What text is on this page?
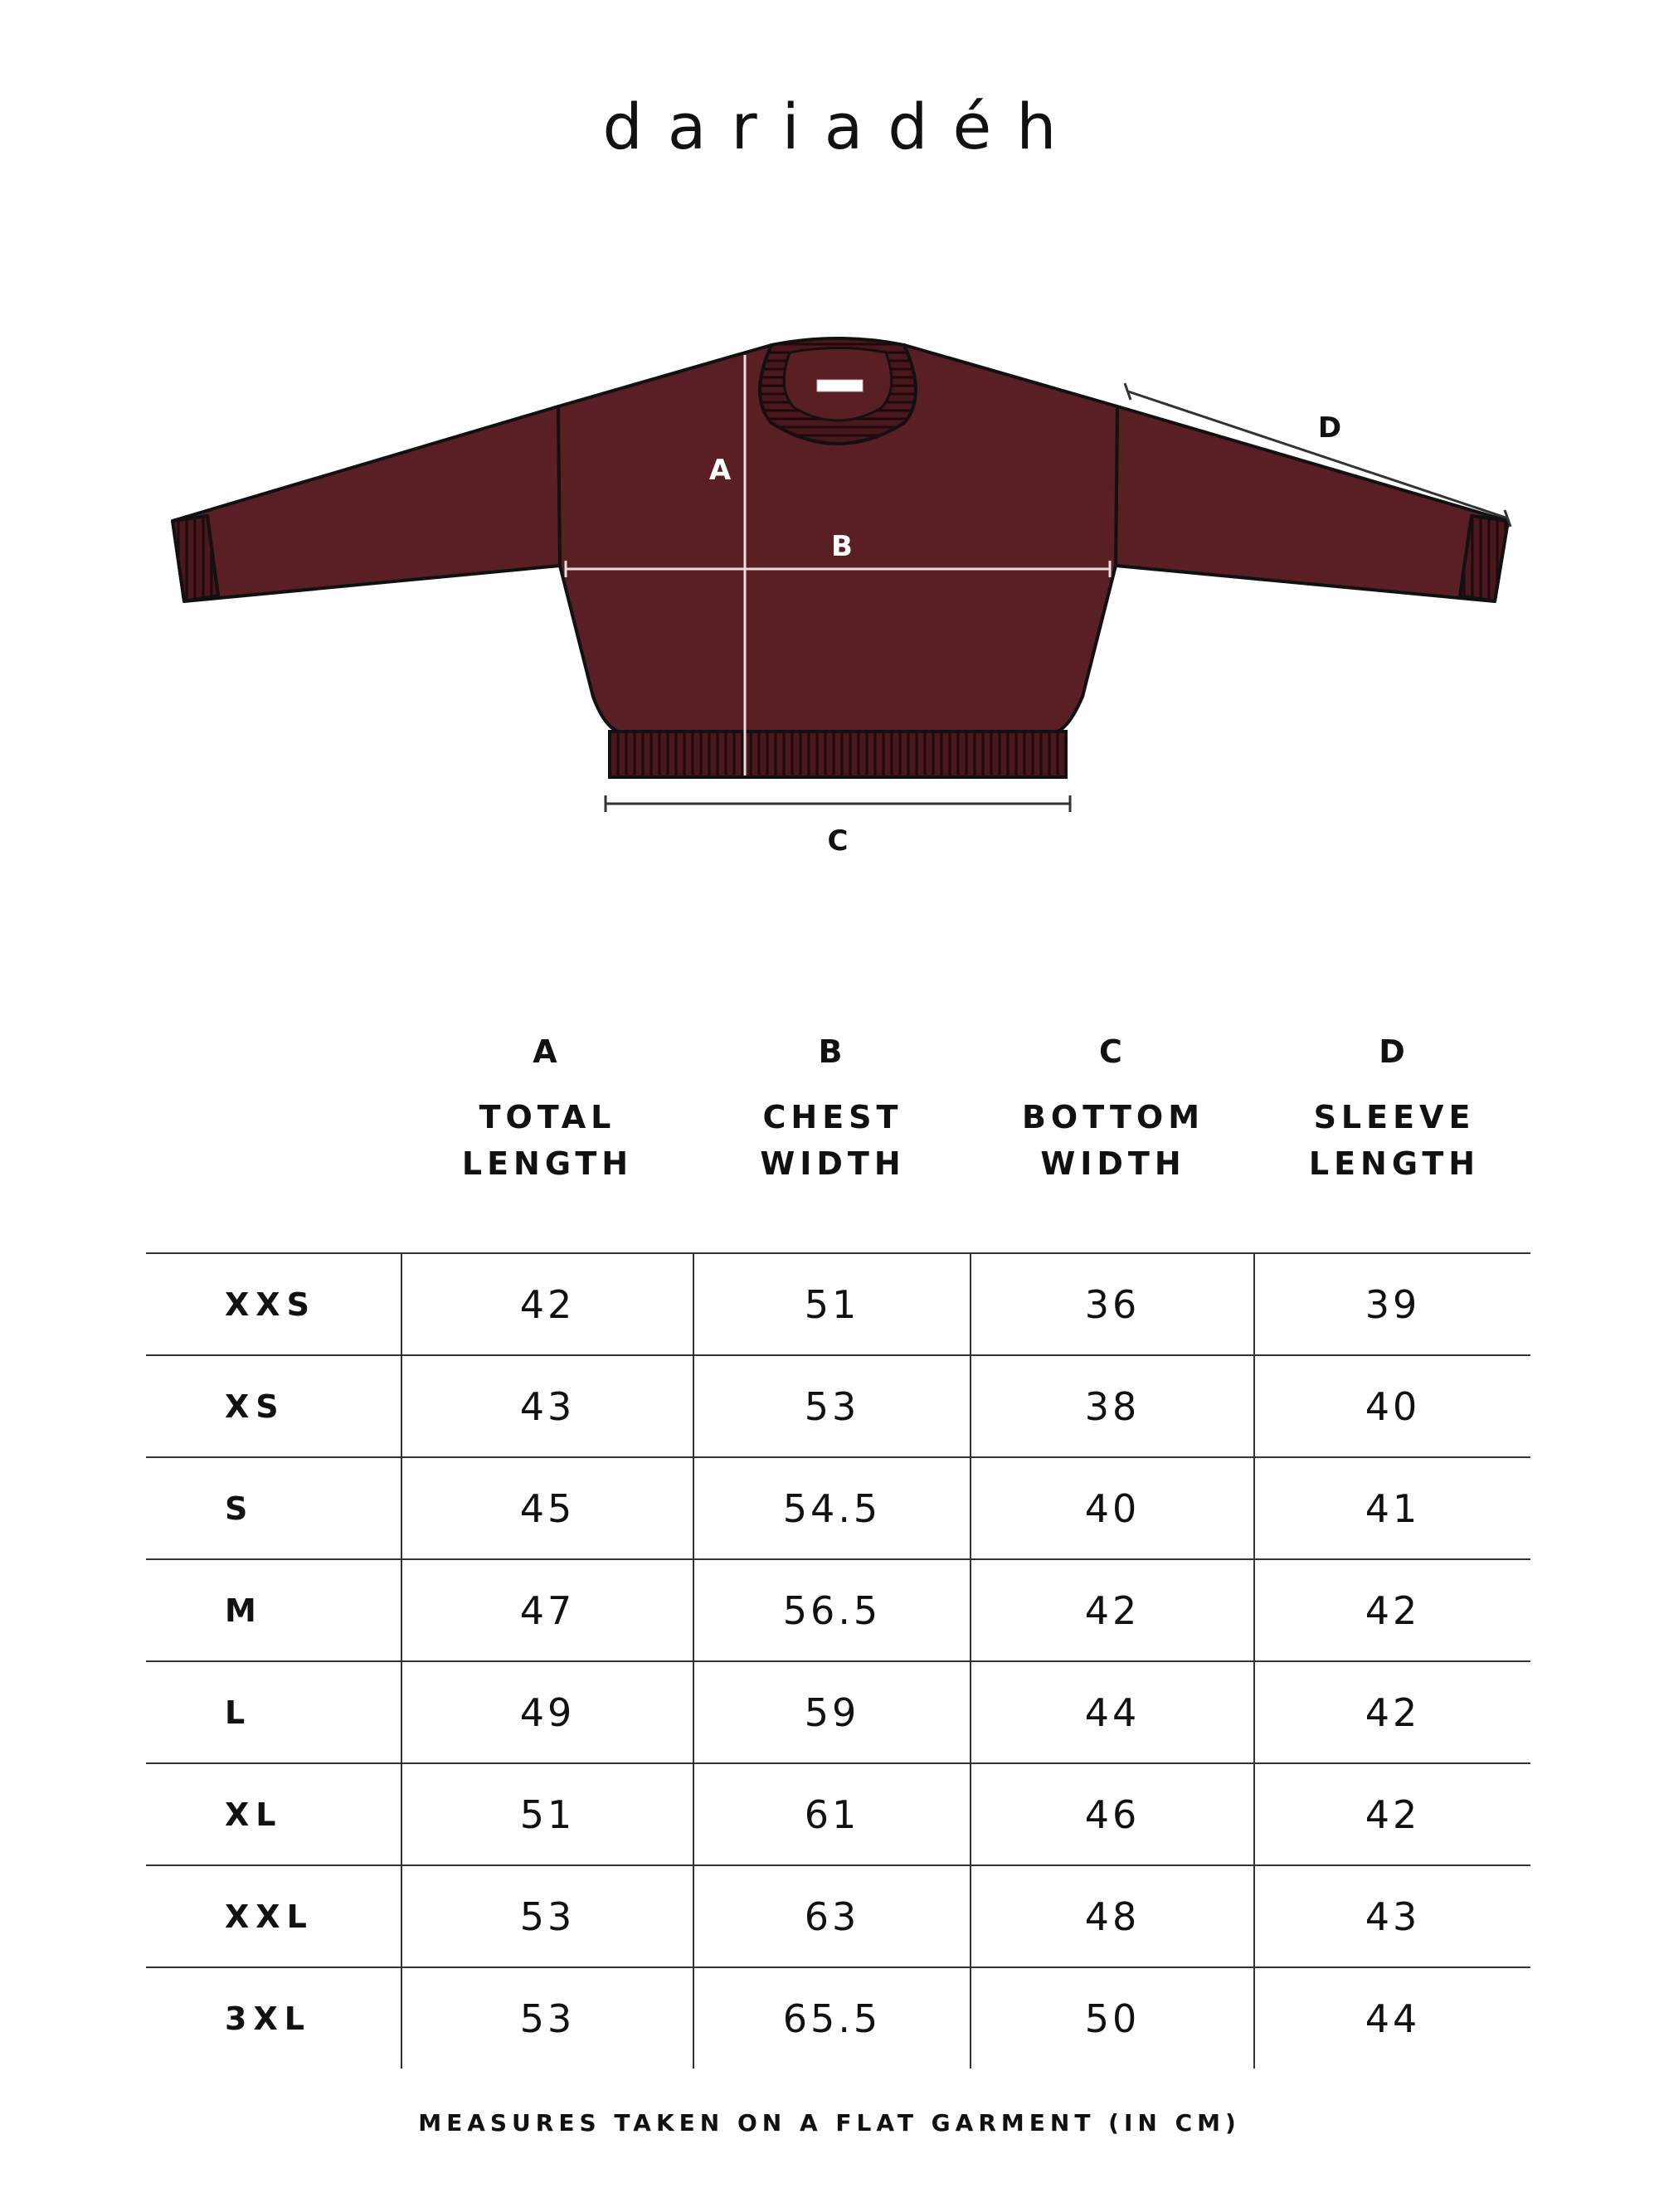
dariadéh
A
B
C
D
A
TOTAL
LENGTH
B
CHEST
WIDTH
C
BOTTOM
WIDTH
D
SLEEVE
LENGTH
XXS	42	51	36	39
XS	43	53	38	40
S	45	54.5	40	41
M	47	56.5	42	42
L	49	59	44	42
XL	51	61	46	42
XXL	53	63	48	43
3XL	53	65.5	50	44
MEASURES TAKEN ON A FLAT GARMENT (IN CM)
